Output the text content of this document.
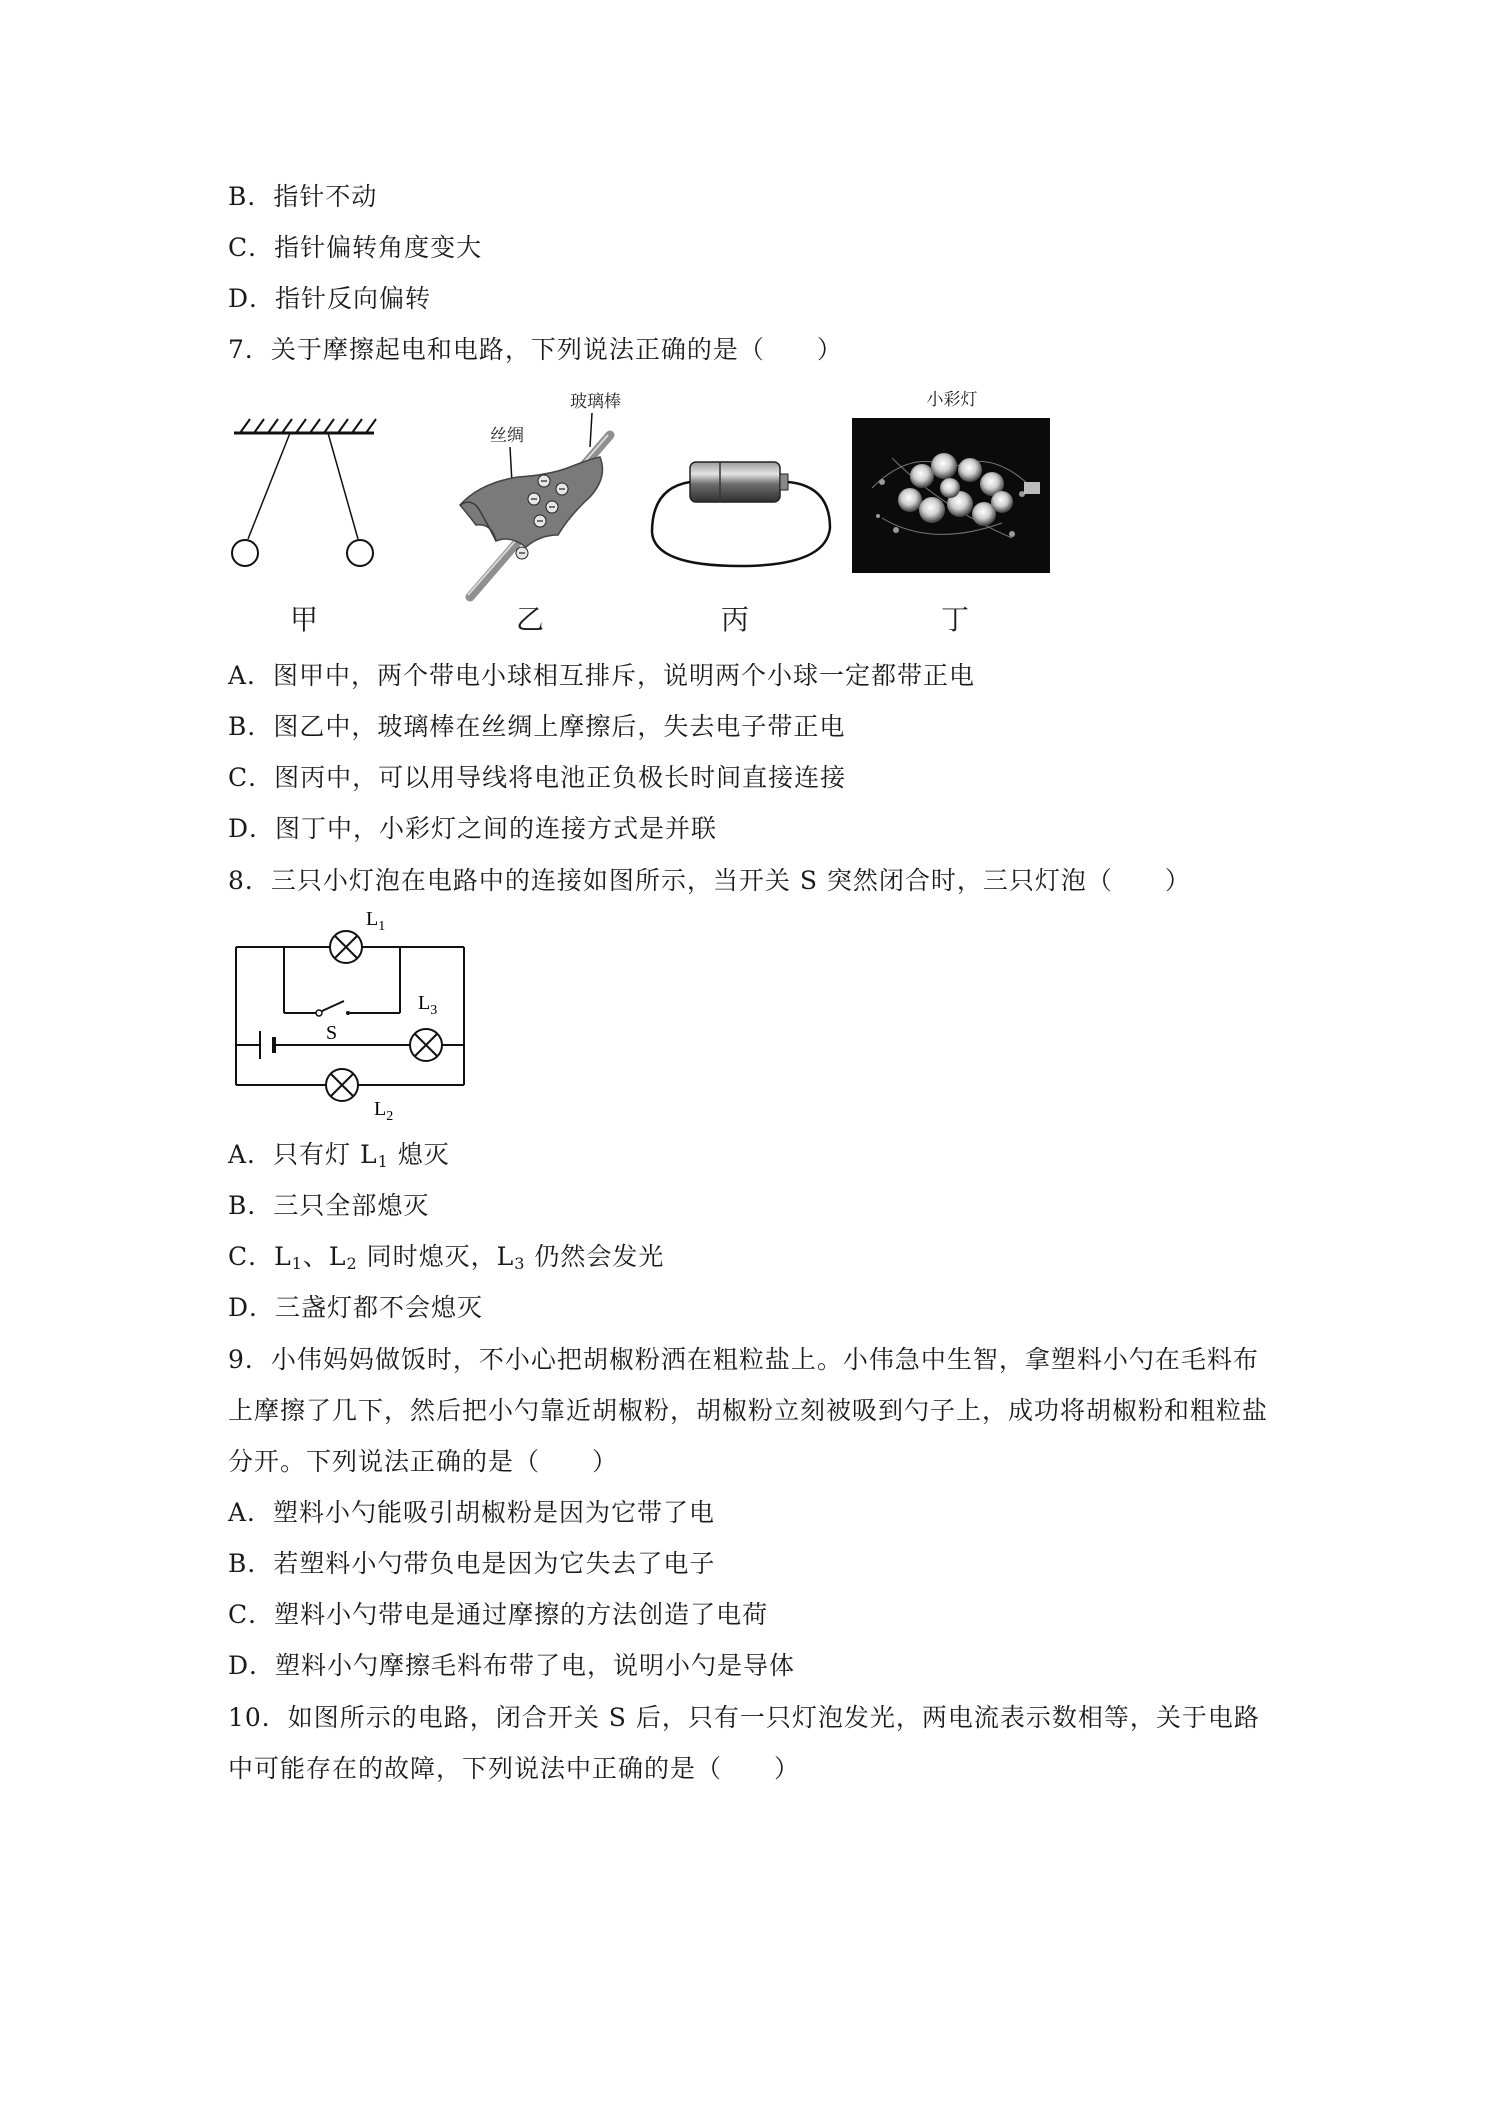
B．指针不动
C．指针偏转角度变大
D．指针反向偏转
7．关于摩擦起电和电路，下列说法正确的是（　　）
玻璃棒
丝绸
小彩灯
甲	乙	丙	丁
A．图甲中，两个带电小球相互排斥，说明两个小球一定都带正电
B．图乙中，玻璃棒在丝绸上摩擦后，失去电子带正电
C．图丙中，可以用导线将电池正负极长时间直接连接
D．图丁中，小彩灯之间的连接方式是并联
8．三只小灯泡在电路中的连接如图所示，当开关 S 突然闭合时，三只灯泡（　　）
$L_1$
$L_3$
S
$L_2$
A．只有灯 $L_1$ 熄灭
B．三只全部熄灭
C．$L_1$、$L_2$ 同时熄灭，$L_3$ 仍然会发光
D．三盏灯都不会熄灭
9．小伟妈妈做饭时，不小心把胡椒粉洒在粗粒盐上。小伟急中生智，拿塑料小勺在毛料布
上摩擦了几下，然后把小勺靠近胡椒粉，胡椒粉立刻被吸到勺子上，成功将胡椒粉和粗粒盐
分开。下列说法正确的是（　　）
A．塑料小勺能吸引胡椒粉是因为它带了电
B．若塑料小勺带负电是因为它失去了电子
C．塑料小勺带电是通过摩擦的方法创造了电荷
D．塑料小勺摩擦毛料布带了电，说明小勺是导体
10．如图所示的电路，闭合开关 S 后，只有一只灯泡发光，两电流表示数相等，关于电路
中可能存在的故障，下列说法中正确的是（　　）
